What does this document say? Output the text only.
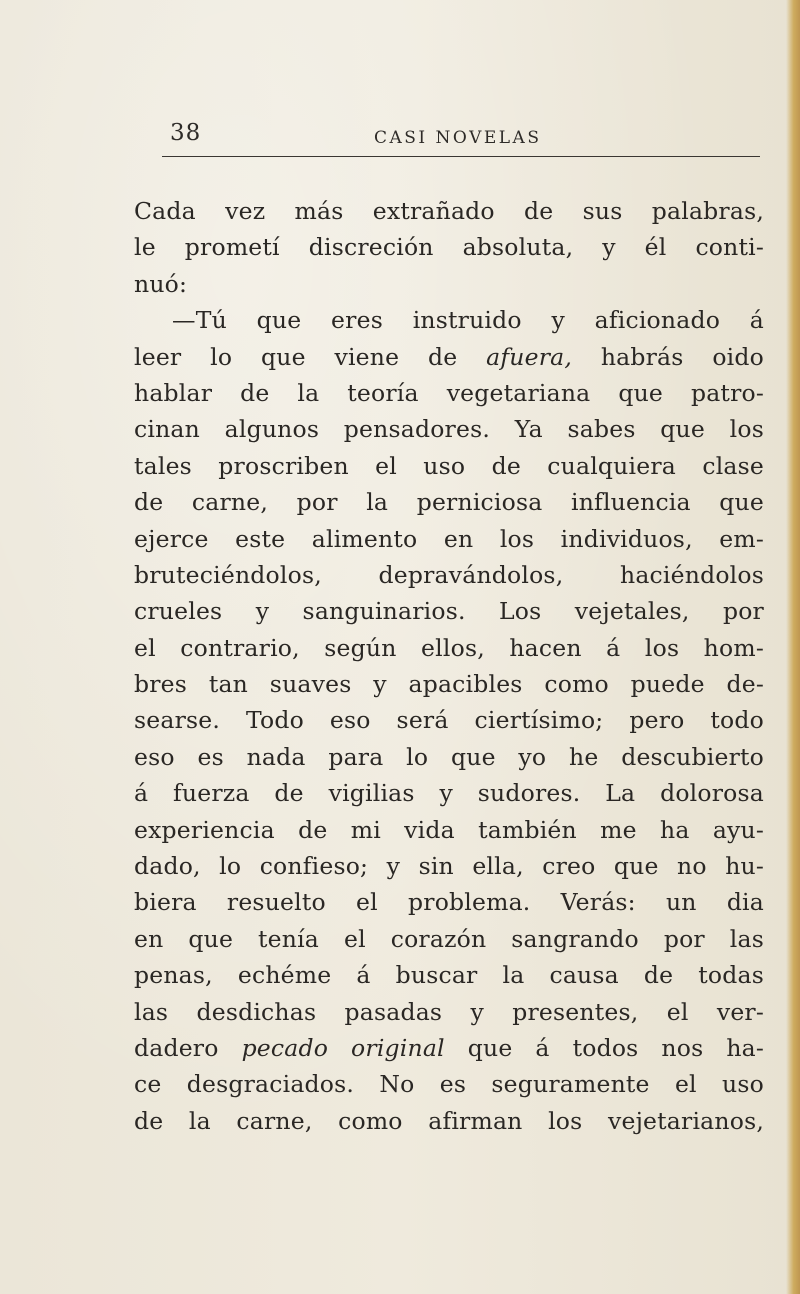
38	CASI NOVELAS
Cada vez más extrañado de sus palabras,
le prometí discreción absoluta, y él conti-
nuó:
—Tú que eres instruido y aficionado á
leer lo que viene de afuera, habrás oido
hablar de la teoría vegetariana que patro-
cinan algunos pensadores. Ya sabes que los
tales proscriben el uso de cualquiera clase
de carne, por la perniciosa influencia que
ejerce este alimento en los individuos, em-
bruteciéndolos, depravándolos, haciéndolos
crueles y sanguinarios. Los vejetales, por
el contrario, según ellos, hacen á los hom-
bres tan suaves y apacibles como puede de-
searse. Todo eso será ciertísimo; pero todo
eso es nada para lo que yo he descubierto
á fuerza de vigilias y sudores. La dolorosa
experiencia de mi vida también me ha ayu-
dado, lo confieso; y sin ella, creo que no hu-
biera resuelto el problema. Verás: un dia
en que tenía el corazón sangrando por las
penas, echéme á buscar la causa de todas
las desdichas pasadas y presentes, el ver-
dadero pecado original que á todos nos ha-
ce desgraciados. No es seguramente el uso
de la carne, como afirman los vejetarianos,
